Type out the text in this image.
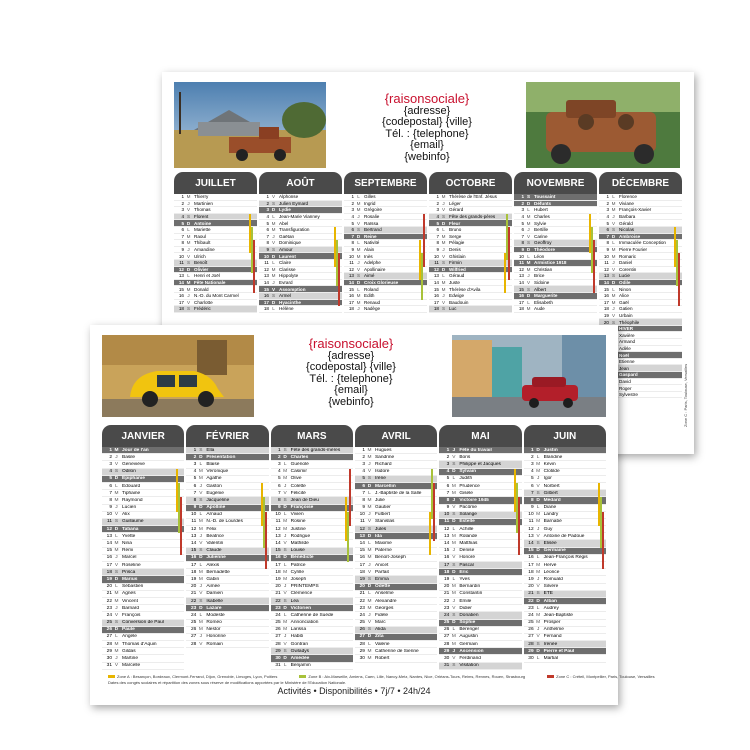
{raisonsociale}
{adresse}
{codepostal} {ville}
Tél. : {telephone}
{email}
{webinfo}
JUILLET
1 M Thierry
2 J Martinien
3 V Thomas
4 S Florent
5 D Antoine
6 L Mariette
7 M Raoul
8 M Thibault
9 J Amandine
10 V Ulrich
11 S Benoît
12 D Olivier
13 L Henri et Joël
14 M Fête Nationale
15 M Donald
16 J N.-D. du Mont Carmel
17 V Charlotte
18 S Frédéric
AOÛT
1 V Alphonse
2 S Julien Eymard
3 D Lydie
4 L Jean-Marie Vianney
5 M Abel
6 M Transfiguration
7 J Gaëtan
8 V Dominique
9 S Amour
10 D Laurent
11 L Claire
12 M Clarisse
13 M Hippolyte
14 J Evrard
15 V Assomption
16 S Armel
17 D Hyacinthe
18 L Hélène
SEPTEMBRE
1 L Gilles
2 M Ingrid
3 M Grégoire
4 J Rosalie
5 V Raïssa
6 S Bertrand
7 D Reine
8 L Nativité
9 M Alain
10 M Inès
11 J Adelphe
12 V Apollinaire
13 S Aimé
14 D Croix Glorieuse
15 L Roland
16 M Edith
17 M Renaud
18 J Nadège
OCTOBRE
1 M Thérèse de l'Enf. Jésus
2 J Léger
3 V Gérard
4 S Fête des grands-pères
5 D Fleur
6 L Bruno
7 M Serge
8 M Pélagie
9 J Denis
10 V Ghislain
11 S Firmin
12 D Wilfried
13 L Géraud
14 M Juste
15 M Thérèse d'Avila
16 J Edwige
17 V Baudouin
18 S Luc
NOVEMBRE
1 S Toussaint
2 D Défunts
3 L Hubert
4 M Charles
5 M Sylvie
6 J Bertille
7 V Carine
8 S Geoffroy
9 D Théodore
10 L Léon
11 M Armistice 1918
12 M Christian
13 J Brice
14 V Sidoine
15 S Albert
16 D Marguerite
17 L Elisabeth
18 M Aude
DÉCEMBRE
1 L Florence
2 M Viviane
3 M François-Xavier
4 J Barbara
5 V Gérald
6 S Nicolas
7 D Ambroise
8 L Immaculée Conception
9 M Pierre Fourier
10 M Romaric
11 J Daniel
12 V Corentin
13 S Lucie
14 D Odile
15 L Ninon
16 M Alice
17 M Gaël
18 J Gatien
19 V Urbain
20 S Théophile
HIVER
Xavière
Armand
Adèle
Noël
Etienne
Jean
Gaspard
David
Roger
Sylvestre	Zone C : Paris, Toulouse, Versailles
{raisonsociale}
{adresse}
{codepostal} {ville}
Tél. : {telephone}
{email}
{webinfo}
JANVIER
1 M Jour de l'an
2 J Basile
3 V Geneviève
4 S Odilon
5 D Épiphanie
6 L Édouard
7 M Tiphaine
8 M Raymond
9 J Lucien
10 V Alix
11 S Guillaume
12 D Tatiana
13 L Yvette
14 M Nina
15 M Rémi
16 J Marcel
17 V Roseline
18 S Prisca
19 D Marius
20 L Sébastien
21 M Agnès
22 M Vincent
23 J Barnard
24 V François
25 S Conversion de Paul
26 D Paule
27 L Angèle
28 M Thomas d'Aquin
29 M Gildas
30 J Martine
31 V Marcelle
FÉVRIER
1 S Ella
2 D Présentation
3 L Blaise
4 M Véronique
5 M Agathe
6 J Gaston
7 V Eugénie
8 S Jacqueline
9 D Apolline
10 L Arnaud
11 M N.-D. de Lourdes
12 M Félix
13 J Béatrice
14 V Valentin
15 S Claude
16 D Julienne
17 L Alexis
18 M Bernadette
19 M Gabin
20 J Aimée
21 V Damien
22 S Isabelle
23 D Lazare
24 L Modeste
25 M Roméo
26 M Nestor
27 J Honorine
28 V Romain
MARS
1 S Fête des grands-mères
2 D Charles
3 L Guénolé
4 M Casimir
5 M Olive
6 J Colette
7 V Félicité
8 S Jean de Dieu
9 D Françoise
10 L Vivien
11 M Rosine
12 M Justine
13 J Rodrigue
14 V Mathilde
15 S Louise
16 D Bénédicte
17 L Patrice
18 M Cyrille
19 M Joseph
20 J PRINTEMPS
21 V Clémence
22 S Léa
23 D Victorien
24 L Catherine de Suède
25 M Annonciation
26 M Larissa
27 J Habib
28 V Gontran
29 S Gwladys
30 D Amédée
31 L Benjamin
AVRIL
1 M Hugues
2 M Sandrine
3 J Richard
4 V Isidore
5 S Irène
6 D Marcellin
7 L J.-Baptiste de la Salle
8 M Julie
9 M Gautier
10 J Fulbert
11 V Stanislas
12 S Jules
13 D Ida
14 L Maxime
15 M Paterne
16 M Benoît-Joseph
17 J Anicet
18 V Parfait
19 S Emma
20 D Odette
21 L Anselme
22 M Alexandre
23 M Georges
24 J Fidèle
25 V Marc
26 S Alida
27 D Zita
28 L Valérie
29 M Catherine de Sienne
30 M Robert
MAI
1 J Fête du travail
2 V Boris
3 S Philippe et Jacques
4 D Sylvain
5 L Judith
6 M Prudence
7 M Gisèle
8 J Victoire 1945
9 V Pacôme
10 S Solange
11 D Estelle
12 L Achille
13 M Rolande
14 M Matthias
15 J Denise
16 V Honoré
17 S Pascal
18 D Éric
19 L Yves
20 M Bernardin
21 M Constantin
22 J Émile
23 V Didier
24 S Donatien
25 D Sophie
26 L Bérenger
27 M Augustin
28 M Germain
29 J Ascension
30 V Ferdinand
31 S Visitation
JUIN
1 D Justin
2 L Blandine
3 M Kévin
4 M Clotilde
5 J Igor
6 V Norbert
7 S Gilbert
8 D Médard
9 L Diane
10 M Landry
11 M Barnabé
12 J Guy
13 V Antoine de Padoue
14 S Élisée
15 D Germaine
16 L Jean-François Régis
17 M Hervé
18 M Léonce
19 J Romuald
20 V Silvère
21 S ÉTÉ
22 D Alban
23 L Audrey
24 M Jean-Baptiste
25 M Prosper
26 J Anthelme
27 V Fernand
28 S Irénée
29 D Pierre et Paul
30 L Martial
Zone A : Besançon, Bordeaux, Clermont-Ferrand, Dijon, Grenoble, Limoges, Lyon, Poitiers	Zone B : Aix-Marseille, Amiens, Caen, Lille, Nancy-Metz, Nantes, Nice, Orléans-Tours, Reims, Rennes, Rouen, Strasbourg	Zone C : Créteil, Montpellier, Paris, Toulouse, Versailles
Dates des congés scolaires et répartition des zones sous réserve de modifications apportées par le Ministère de l'Education Nationale.
Activités • Disponibilités • 7j/7 • 24h/24
